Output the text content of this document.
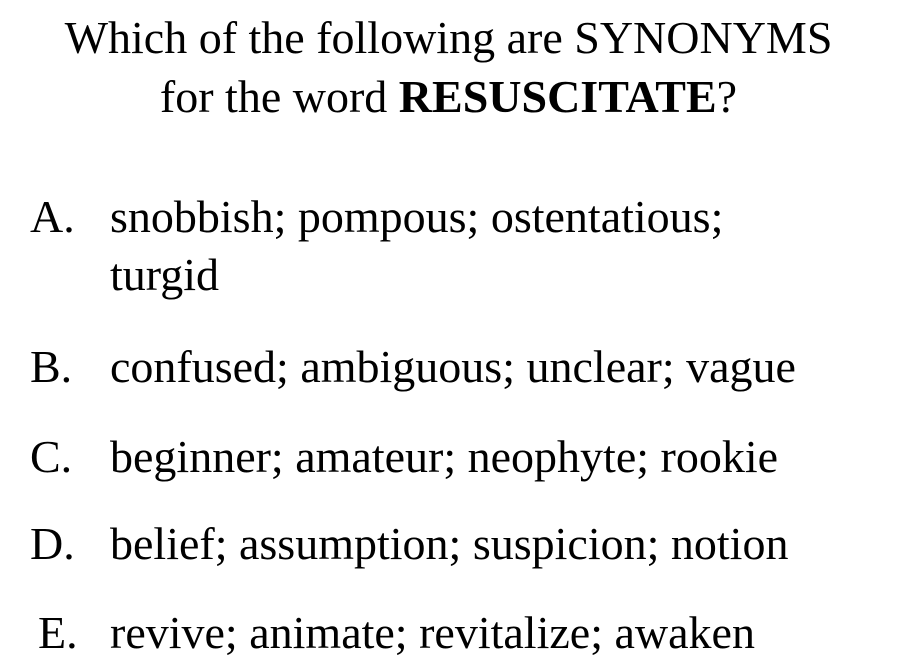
Which of the following are SYNONYMS
for the word RESUSCITATE?
A. snobbish; pompous; ostentatious; turgid
B. confused; ambiguous; unclear; vague
C. beginner; amateur; neophyte; rookie
D. belief; assumption; suspicion; notion
E. revive; animate; revitalize; awaken
